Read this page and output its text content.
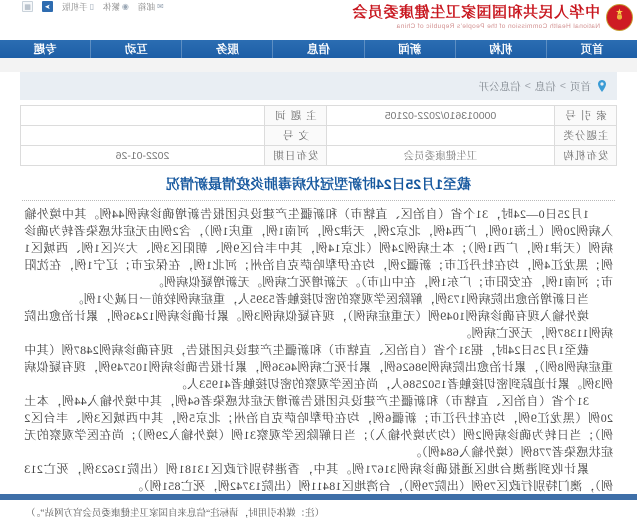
✉
邮箱
◉
繁体
▯
手机版
➤
▦	★
中华人民共和国国家卫生健康委员会
National Health Commission of the People's Republic of China
首页
机构
新闻
信息
服务
互动
专题
首页
>
信息
>
信息公开
索 引 号	000013610/2022-02105	主 题 词	
主题分类		文 号	
发布机构	卫生健康委员会	发布日期	2022-01-26
截至1月25日24时新型冠状病毒肺炎疫情最新情况

1月25日0—24时，31个省（自治区、直辖市）和新疆生产建设兵团报告新增确诊病例44例。其中境外输入病例20例（上海10例，广西4例，北京2例，天津2例，河南1例，重庆1例），含2例由无症状感染者转为确诊病例（天津1例，广西1例）；本土病例24例（北京14例，其中丰台区9例、朝阳区3例、大兴区1例、西城区1例；黑龙江4例，均在牡丹江市；新疆2例，均在伊犁哈萨克自治州；河北1例，在保定市；辽宁1例，在沈阳市；河南1例，在安阳市；广东1例，在中山市）。无新增死亡病例。无新增疑似病例。

当日新增治愈出院病例173例，解除医学观察的密切接触者5395人，重症病例较前一日减少1例。

境外输入现有确诊病例1049例（无重症病例），现有疑似病例3例。累计确诊病例12436例，累计治愈出院病例11387例，无死亡病例。

截至1月25日24时，据31个省（自治区、直辖市）和新疆生产建设兵团报告，现有确诊病例2487例（其中重症病例8例），累计治愈出院病例98626例，累计死亡病例4636例，累计报告确诊病例105749例，现有疑似病例3例。累计追踪到密切接触者1502586人，尚在医学观察的密切接触者41953人。

31个省（自治区、直辖市）和新疆生产建设兵团报告新增无症状感染者64例，其中境外输入44例，本土20例（黑龙江9例，均在牡丹江市；新疆6例，均在伊犁哈萨克自治州；北京5例，其中西城区3例、丰台区2例）；当日转为确诊病例2例（均为境外输入）；当日解除医学观察31例（境外输入29例）；尚在医学观察的无症状感染者778例（境外输入684例）。

累计收到港澳台地区通报确诊病例31671例。其中，香港特别行政区13181例（出院12623例，死亡213例），澳门特别行政区79例（出院79例），台湾地区18411例（出院13742例，死亡851例）。

（注：媒体引用时，请标注“信息来自国家卫生健康委员会官方网站”。）
